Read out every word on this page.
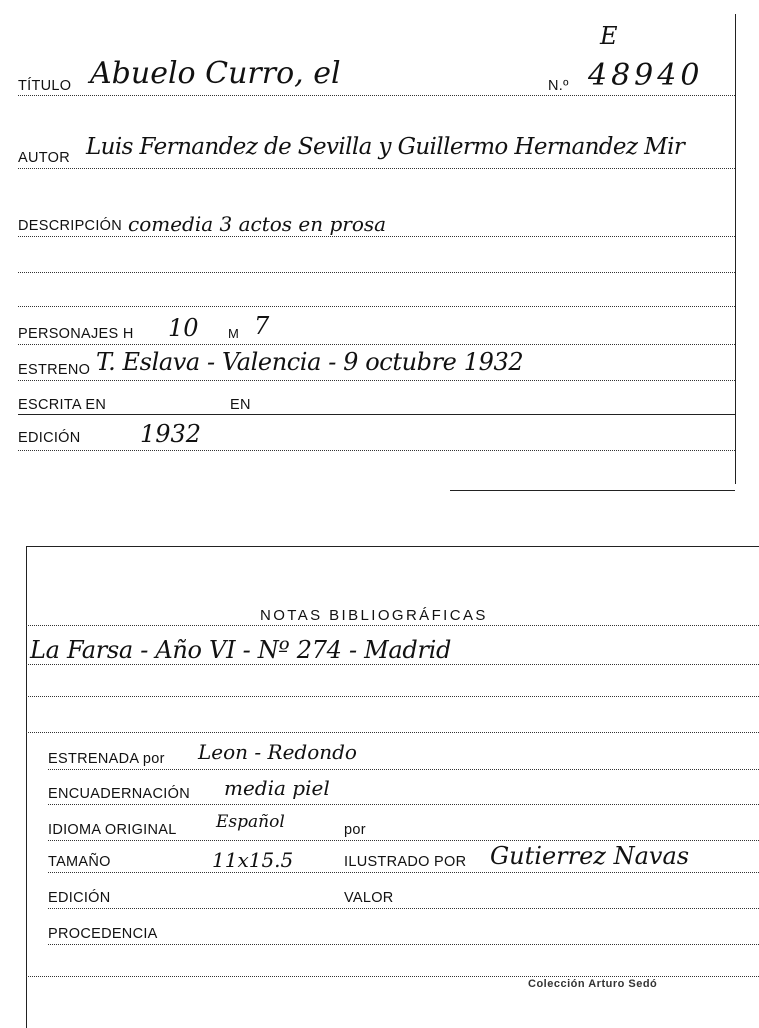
E
TÍTULO Abuelo Curro, el	N.º 48940
AUTOR Luis Fernandez de Sevilla y Guillermo Hernandez Mir
DESCRIPCIÓN comedia 3 actos en prosa
PERSONAJES H 10 M 7
ESTRENO T. Eslava - Valencia - 9 octubre 1932
ESCRITA EN	EN
EDICIÓN 1932
NOTAS BIBLIOGRÁFICAS
La Farsa - Año VI - Nº 274 - Madrid
ESTRENADA por Leon - Redondo
ENCUADERNACIÓN media piel
IDIOMA ORIGINAL Español	por
TAMAÑO	11x15.5	ILUSTRADO POR Gutierrez Navas
EDICIÓN	VALOR
PROCEDENCIA
Colección Arturo Sedó
